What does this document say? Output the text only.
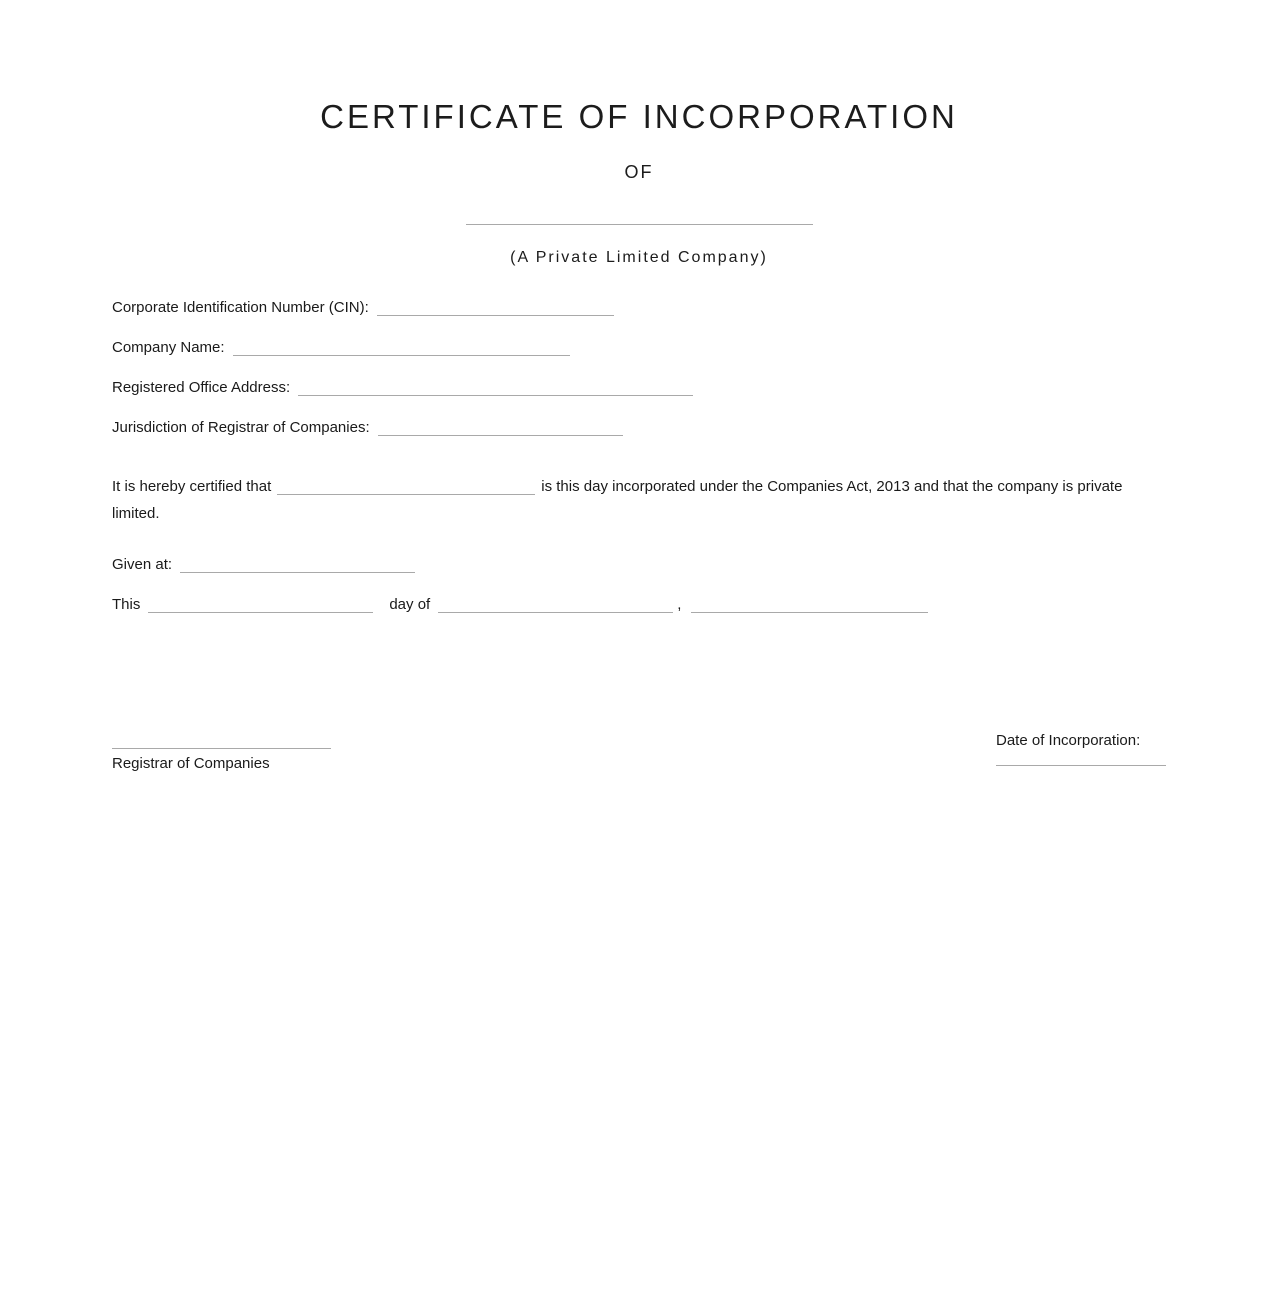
CERTIFICATE OF INCORPORATION
OF
(A Private Limited Company)
Corporate Identification Number (CIN):
Company Name:
Registered Office Address:
Jurisdiction of Registrar of Companies:
It is hereby certified that	is this day incorporated under the Companies Act, 2013 and that the company is private limited.
Given at:
This	day of	,
Registrar of Companies
Date of Incorporation:
